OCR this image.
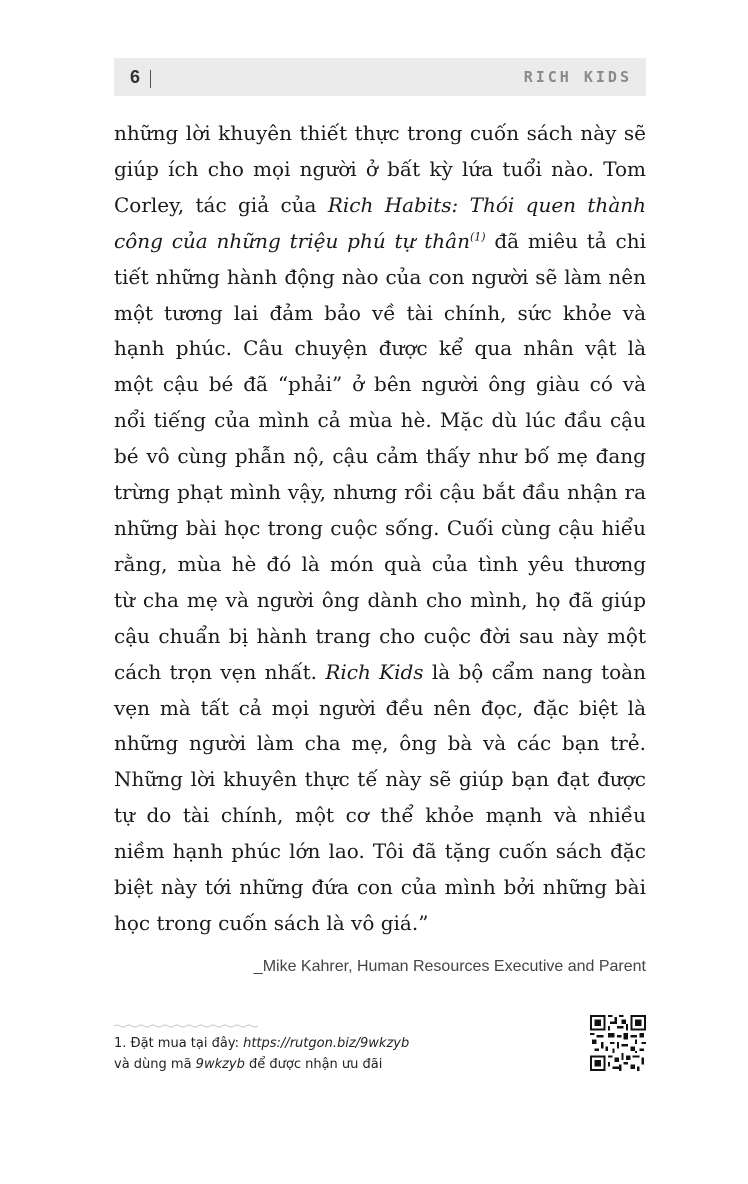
6	RICH KIDS
những lời khuyên thiết thực trong cuốn sách này sẽ
giúp ích cho mọi người ở bất kỳ lứa tuổi nào. Tom
Corley, tác giả của Rich Habits: Thói quen thành
công của những triệu phú tự thân$^{(1)}$ đã miêu tả chi
tiết những hành động nào của con người sẽ làm nên
một tương lai đảm bảo về tài chính, sức khỏe và
hạnh phúc. Câu chuyện được kể qua nhân vật là
một cậu bé đã “phải” ở bên người ông giàu có và
nổi tiếng của mình cả mùa hè. Mặc dù lúc đầu cậu
bé vô cùng phẫn nộ, cậu cảm thấy như bố mẹ đang
trừng phạt mình vậy, nhưng rồi cậu bắt đầu nhận ra
những bài học trong cuộc sống. Cuối cùng cậu hiểu
rằng, mùa hè đó là món quà của tình yêu thương
từ cha mẹ và người ông dành cho mình, họ đã giúp
cậu chuẩn bị hành trang cho cuộc đời sau này một
cách trọn vẹn nhất. Rich Kids là bộ cẩm nang toàn
vẹn mà tất cả mọi người đều nên đọc, đặc biệt là
những người làm cha mẹ, ông bà và các bạn trẻ.
Những lời khuyên thực tế này sẽ giúp bạn đạt được
tự do tài chính, một cơ thể khỏe mạnh và nhiều
niềm hạnh phúc lớn lao. Tôi đã tặng cuốn sách đặc
biệt này tới những đứa con của mình bởi những bài
học trong cuốn sách là vô giá.”
_Mike Kahrer, Human Resources Executive and Parent
1. Đặt mua tại đây: https://rutgon.biz/9wkzyb
và dùng mã 9wkzyb để được nhận ưu đãi
